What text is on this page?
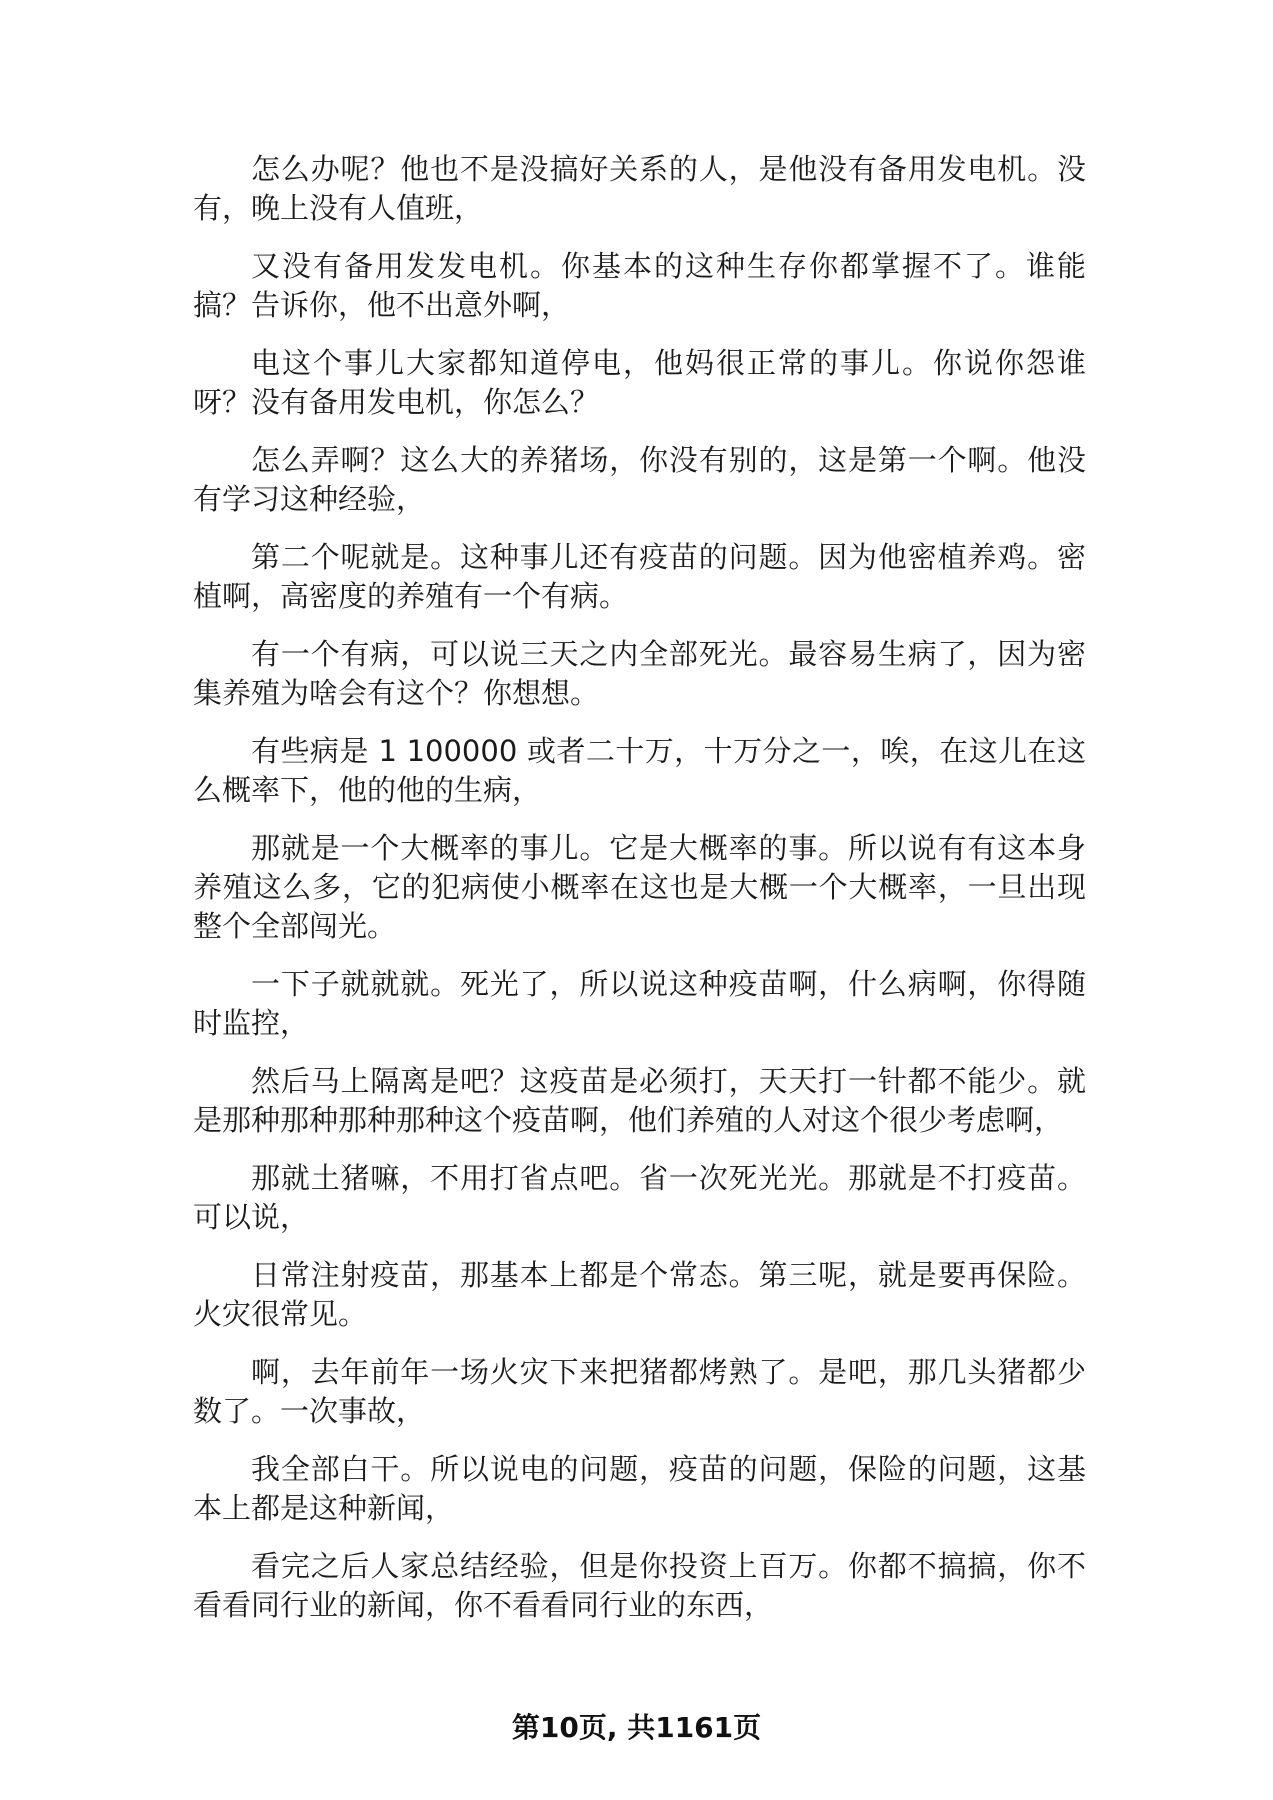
怎么办呢？他也不是没搞好关系的人，是他没有备用发电机。没有，晚上没有人值班，

又没有备用发发电机。你基本的这种生存你都掌握不了。谁能搞？告诉你，他不出意外啊，

电这个事儿大家都知道停电，他妈很正常的事儿。你说你怨谁呀？没有备用发电机，你怎么？

怎么弄啊？这么大的养猪场，你没有别的，这是第一个啊。他没有学习这种经验，

第二个呢就是。这种事儿还有疫苗的问题。因为他密植养鸡。密植啊，高密度的养殖有一个有病。

有一个有病，可以说三天之内全部死光。最容易生病了，因为密集养殖为啥会有这个？你想想。

有些病是 1 100000 或者二十万，十万分之一，唉，在这儿在这么概率下，他的他的生病，

那就是一个大概率的事儿。它是大概率的事。所以说有有这本身养殖这么多，它的犯病使小概率在这也是大概一个大概率，一旦出现整个全部闯光。

一下子就就就。死光了，所以说这种疫苗啊，什么病啊，你得随时监控，

然后马上隔离是吧？这疫苗是必须打，天天打一针都不能少。就是那种那种那种那种这个疫苗啊，他们养殖的人对这个很少考虑啊，

那就土猪嘛，不用打省点吧。省一次死光光。那就是不打疫苗。可以说，

日常注射疫苗，那基本上都是个常态。第三呢，就是要再保险。火灾很常见。

啊，去年前年一场火灾下来把猪都烤熟了。是吧，那几头猪都少数了。一次事故，

我全部白干。所以说电的问题，疫苗的问题，保险的问题，这基本上都是这种新闻，

看完之后人家总结经验，但是你投资上百万。你都不搞搞，你不看看同行业的新闻，你不看看同行业的东西，

第10页, 共1161页
